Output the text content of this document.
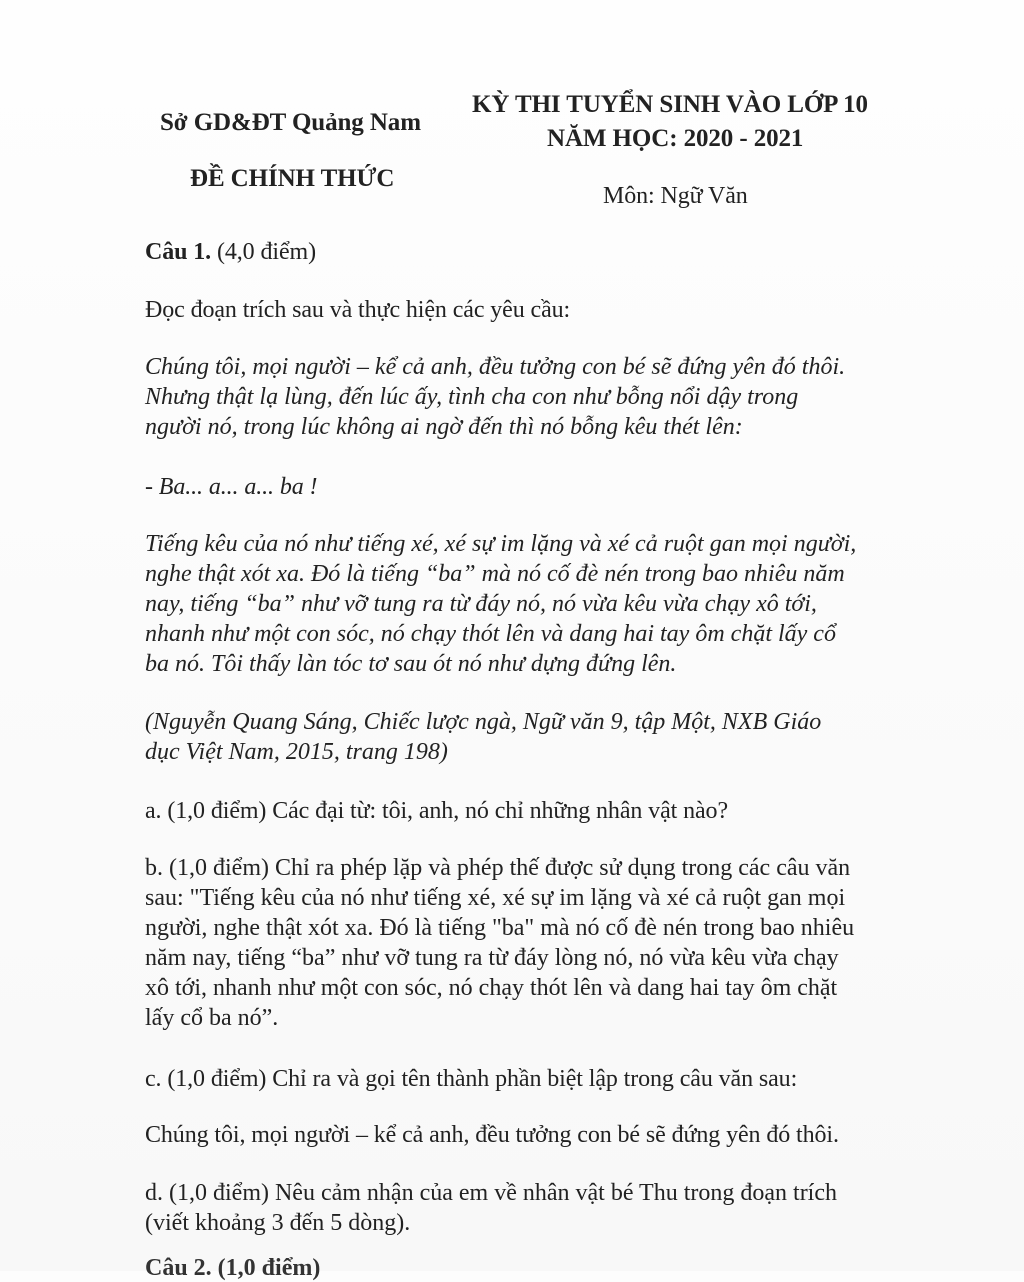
Sở GD&ĐT Quảng Nam
ĐỀ CHÍNH THỨC
KỲ THI TUYỂN SINH VÀO LỚP 10
NĂM HỌC: 2020 - 2021
Môn: Ngữ Văn
Câu 1. (4,0 điểm)
Đọc đoạn trích sau và thực hiện các yêu cầu:
Chúng tôi, mọi người – kể cả anh, đều tưởng con bé sẽ đứng yên đó thôi.
Nhưng thật lạ lùng, đến lúc ấy, tình cha con như bỗng nổi dậy trong
người nó, trong lúc không ai ngờ đến thì nó bỗng kêu thét lên:
- Ba... a... a... ba !
Tiếng kêu của nó như tiếng xé, xé sự im lặng và xé cả ruột gan mọi người,
nghe thật xót xa. Đó là tiếng “ba” mà nó cố đè nén trong bao nhiêu năm
nay, tiếng “ba” như vỡ tung ra từ đáy nó, nó vừa kêu vừa chạy xô tới,
nhanh như một con sóc, nó chạy thót lên và dang hai tay ôm chặt lấy cổ
ba nó. Tôi thấy làn tóc tơ sau ót nó như dựng đứng lên.
(Nguyễn Quang Sáng, Chiếc lược ngà, Ngữ văn 9, tập Một, NXB Giáo
dục Việt Nam, 2015, trang 198)
a. (1,0 điểm) Các đại từ: tôi, anh, nó chỉ những nhân vật nào?
b. (1,0 điểm) Chỉ ra phép lặp và phép thế được sử dụng trong các câu văn
sau: "Tiếng kêu của nó như tiếng xé, xé sự im lặng và xé cả ruột gan mọi
người, nghe thật xót xa. Đó là tiếng "ba" mà nó cố đè nén trong bao nhiêu
năm nay, tiếng “ba” như vỡ tung ra từ đáy lòng nó, nó vừa kêu vừa chạy
xô tới, nhanh như một con sóc, nó chạy thót lên và dang hai tay ôm chặt
lấy cổ ba nó”.
c. (1,0 điểm) Chỉ ra và gọi tên thành phần biệt lập trong câu văn sau:
Chúng tôi, mọi người – kể cả anh, đều tưởng con bé sẽ đứng yên đó thôi.
d. (1,0 điểm) Nêu cảm nhận của em về nhân vật bé Thu trong đoạn trích
(viết khoảng 3 đến 5 dòng).
Câu 2. (1,0 điểm)
